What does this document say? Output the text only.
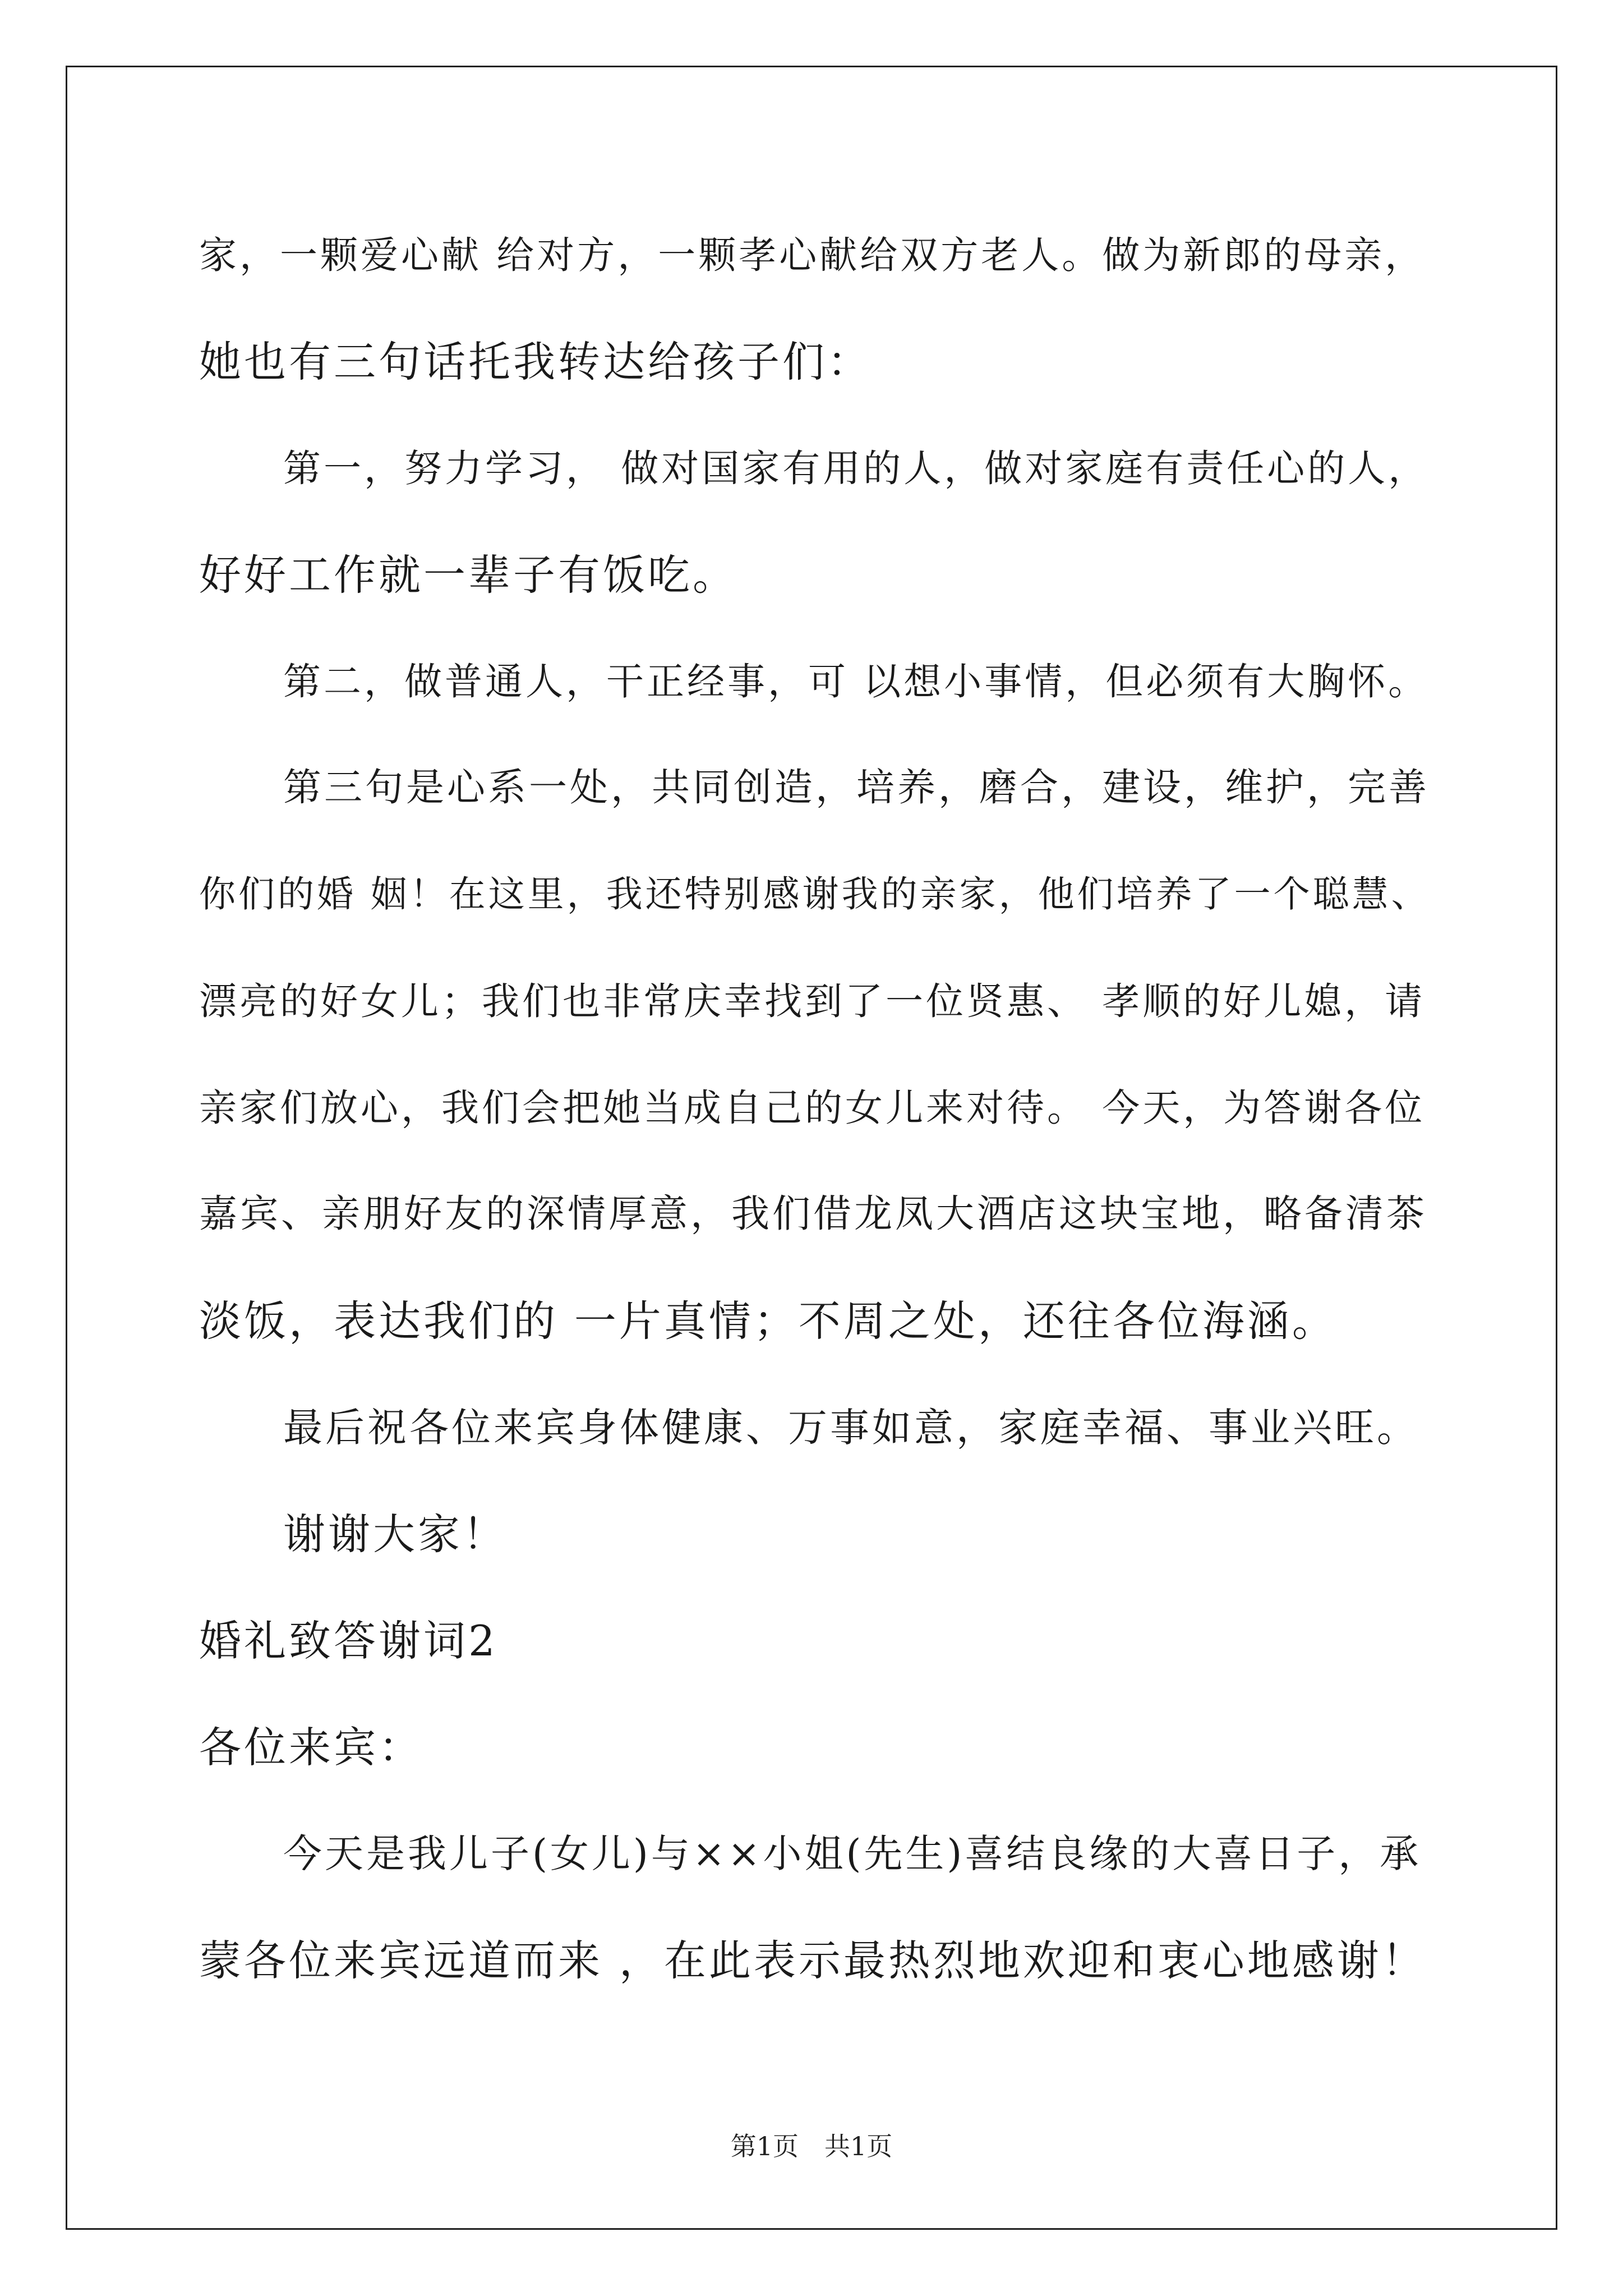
家，一颗爱心献 给对方，一颗孝心献给双方老人。做为新郎的母亲，
她也有三句话托我转达给孩子们：
第一，努力学习， 做对国家有用的人，做对家庭有责任心的人，
好好工作就一辈子有饭吃。
第二，做普通人，干正经事，可 以想小事情，但必须有大胸怀。
第三句是心系一处，共同创造，培养，磨合，建设，维护，完善
你们的婚 姻！在这里，我还特别感谢我的亲家，他们培养了一个聪慧、
漂亮的好女儿；我们也非常庆幸找到了一位贤惠、 孝顺的好儿媳，请
亲家们放心，我们会把她当成自己的女儿来对待。 今天，为答谢各位
嘉宾、亲朋好友的深情厚意，我们借龙凤大酒店这块宝地，略备清茶
淡饭，表达我们的 一片真情；不周之处，还往各位海涵。
最后祝各位来宾身体健康、万事如意，家庭幸福、事业兴旺。
谢谢大家！
婚礼致答谢词2
各位来宾：
今天是我儿子(女儿)与××小姐(先生)喜结良缘的大喜日子，承
蒙各位来宾远道而来 ，在此表示最热烈地欢迎和衷心地感谢！
第1页　共1页
